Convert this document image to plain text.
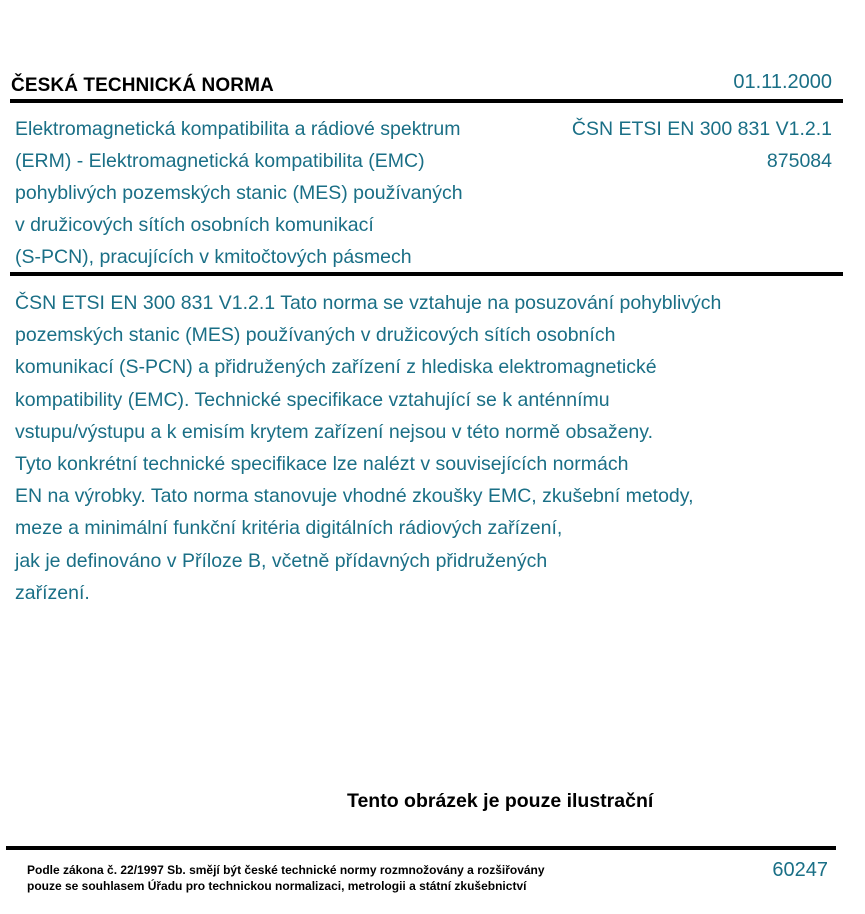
ČESKÁ TECHNICKÁ NORMA	01.11.2000
Elektromagnetická kompatibilita a rádiové spektrum
(ERM) - Elektromagnetická kompatibilita (EMC)
pohyblivých pozemských stanic (MES) používaných
v družicových sítích osobních komunikací
(S-PCN), pracujících v kmitočtových pásmech
ČSN ETSI EN 300 831 V1.2.1
875084
ČSN ETSI EN 300 831 V1.2.1 Tato norma se vztahuje na posuzování pohyblivých
pozemských stanic (MES) používaných v družicových sítích osobních
komunikací (S-PCN) a přidružených zařízení z hlediska elektromagnetické
kompatibility (EMC). Technické specifikace vztahující se k anténnímu
vstupu/výstupu a k emisím krytem zařízení nejsou v této normě obsaženy.
Tyto konkrétní technické specifikace lze nalézt v souvisejících normách
EN na výrobky. Tato norma stanovuje vhodné zkoušky EMC, zkušební metody,
meze a minimální funkční kritéria digitálních rádiových zařízení,
jak je definováno v Příloze B, včetně přídavných přidružených
zařízení.
Tento obrázek je pouze ilustrační
Podle zákona č. 22/1997 Sb. smějí být české technické normy rozmnožovány a rozšiřovány
pouze se souhlasem Úřadu pro technickou normalizaci, metrologii a státní zkušebnictví
60247
